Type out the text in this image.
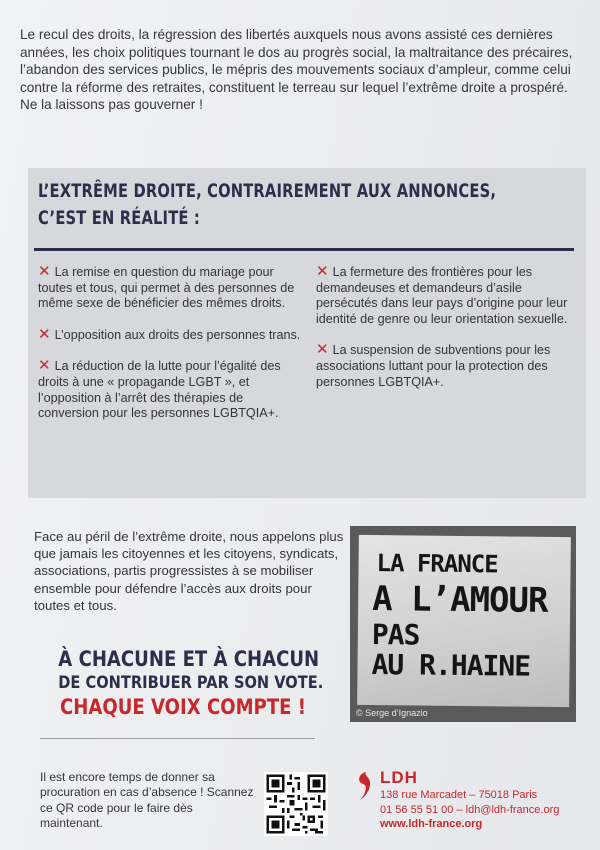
Le recul des droits, la régression des libertés auxquels nous avons assisté ces dernières années, les choix politiques tournant le dos au progrès social, la maltraitance des précaires, l’abandon des services publics, le mépris des mouvements sociaux d’ampleur, comme celui contre la réforme des retraites, constituent le terreau sur lequel l’extrême droite a prospéré. Ne la laissons pas gouverner !

L’EXTRÊME DROITE, CONTRAIREMENT AUX ANNONCES,
C’EST EN RÉALITÉ :
✕ La remise en question du mariage pour toutes et tous, qui permet à des personnes de même sexe de bénéficier des mêmes droits.
✕ L’opposition aux droits des personnes trans.
✕ La réduction de la lutte pour l’égalité des droits à une « propagande LGBT », et l’opposition à l’arrêt des thérapies de conversion pour les personnes LGBTQIA+.
✕ La fermeture des frontières pour les demandeuses et demandeurs d’asile persécutés dans leur pays d’origine pour leur identité de genre ou leur orientation sexuelle.
✕ La suspension de subventions pour les associations luttant pour la protection des personnes LGBTQIA+.

Face au péril de l’extrême droite, nous appelons plus que jamais les citoyennes et les citoyens, syndicats, associations, partis progressistes à se mobiliser ensemble pour défendre l’accès aux droits pour toutes et tous.

À CHACUNE ET À CHACUN
DE CONTRIBUER PAR SON VOTE.
CHAQUE VOIX COMPTE !
LA FRANCE
A L’AMOUR
PAS
AU R.HAINE
© Serge d’Ignazio

Il est encore temps de donner sa procuration en cas d’absence ! Scannez ce QR code pour le faire dès maintenant.

LDH
138 rue Marcadet – 75018 Paris
01 56 55 51 00 – ldh@ldh-france.org
www.ldh-france.org
